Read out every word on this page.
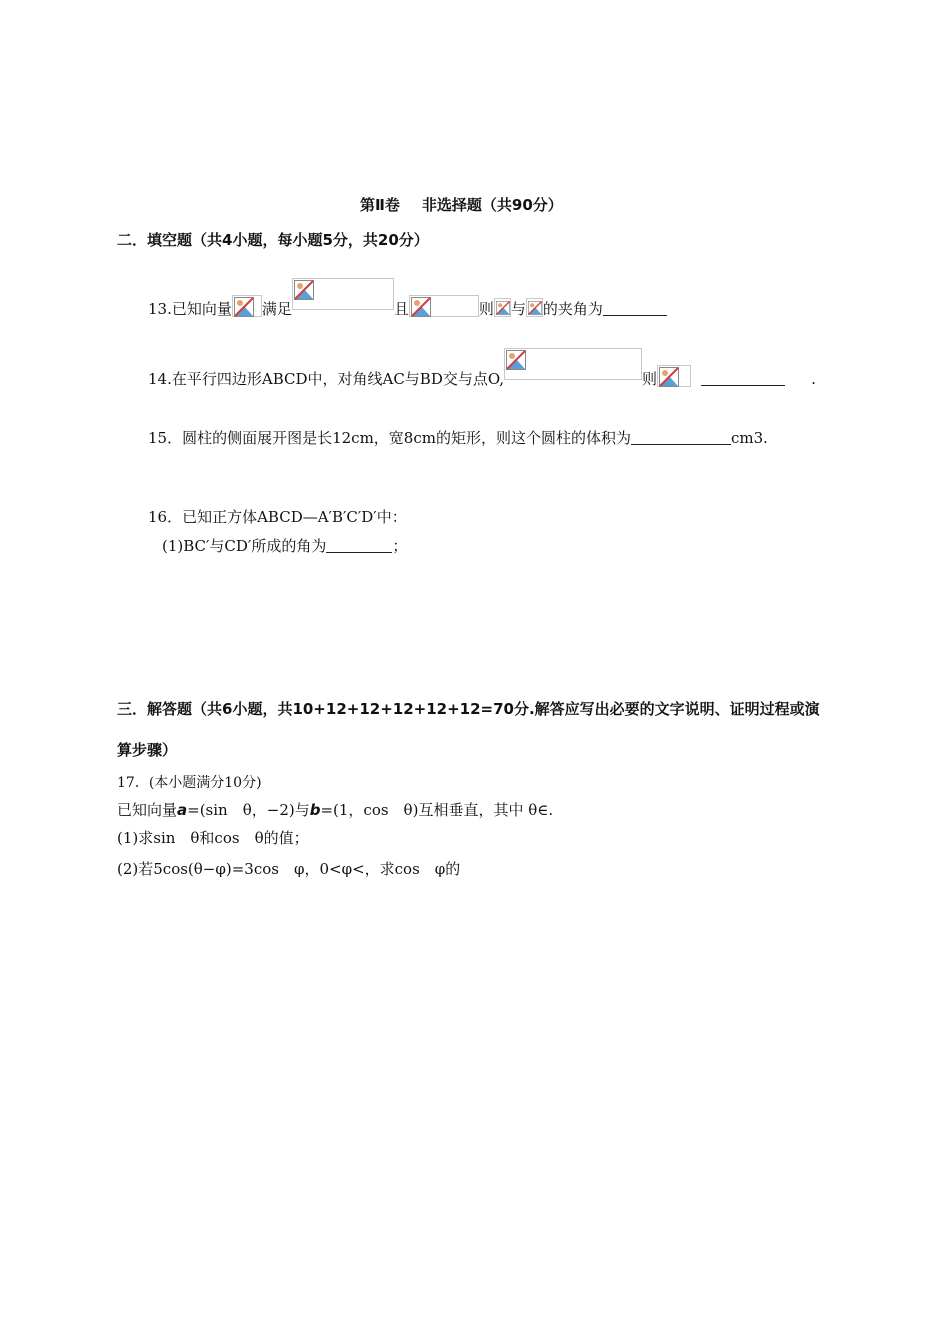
第Ⅱ卷 非选择题（共90分）
二．填空题（共4小题，每小题5分，共20分）
13.已知向量 满足	且	则 与 的夹角为
14.在平行四边形ABCD中，对角线AC与BD交与点O,	则	.
15．圆柱的侧面展开图是长12cm，宽8cm的矩形，则这个圆柱的体积为	cm3.
16．已知正方体ABCD—A′B′C′D′中：
(1)BC′与CD′所成的角为	；
三．解答题（共6小题，共10+12+12+12+12+12=70分.解答应写出必要的文字说明、证明过程或演
算步骤）
17．(本小题满分10分)
已知向量a=(sin　θ，−2)与b=(1，cos　θ)互相垂直，其中 θ∈.
(1)求sin　θ和cos　θ的值；
(2)若5cos(θ−φ)=3cos　φ，0<φ<，求cos　φ的
